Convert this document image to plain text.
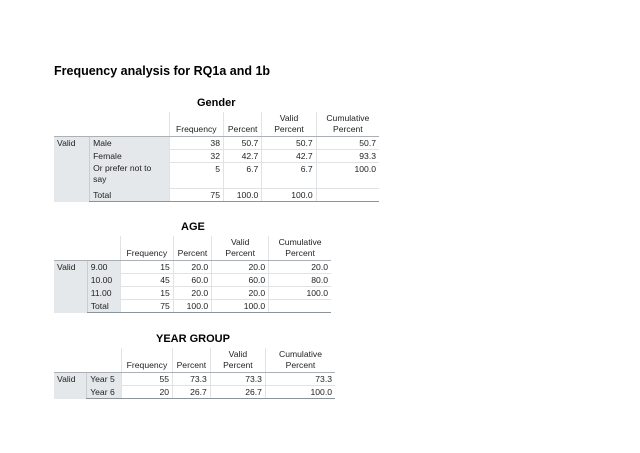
Frequency analysis for RQ1a and 1b
Gender
		Frequency	Percent	Valid Percent	Cumulative Percent
Valid	Male	38	50.7	50.7	50.7
	Female	32	42.7	42.7	93.3
	Or prefer not to say	5	6.7	6.7	100.0
	Total	75	100.0	100.0	
AGE
		Frequency	Percent	Valid Percent	Cumulative Percent
Valid	9.00	15	20.0	20.0	20.0
	10.00	45	60.0	60.0	80.0
	11.00	15	20.0	20.0	100.0
	Total	75	100.0	100.0	
YEAR GROUP
		Frequency	Percent	Valid Percent	Cumulative Percent
Valid	Year 5	55	73.3	73.3	73.3
	Year 6	20	26.7	26.7	100.0
